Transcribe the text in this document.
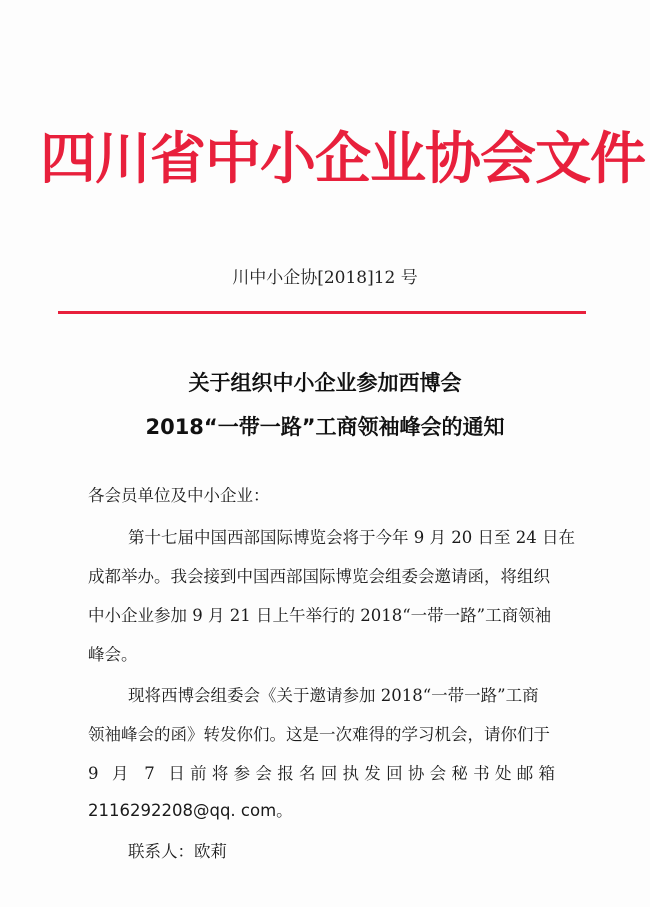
四川省中小企业协会文件
川中小企协[2018]12 号
关于组织中小企业参加西博会
2018“一带一路”工商领袖峰会的通知
各会员单位及中小企业：
第十七届中国西部国际博览会将于今年 9 月 20 日至 24 日在
成都举办。我会接到中国西部国际博览会组委会邀请函，将组织
中小企业参加 9 月 21 日上午举行的 2018“一带一路”工商领袖
峰会。
现将西博会组委会《关于邀请参加 2018“一带一路”工商
领袖峰会的函》转发你们。这是一次难得的学习机会，请你们于
9 月 7 日前将参会报名回执发回协会秘书处邮箱
2116292208@qq. com。
联系人：欧莉
